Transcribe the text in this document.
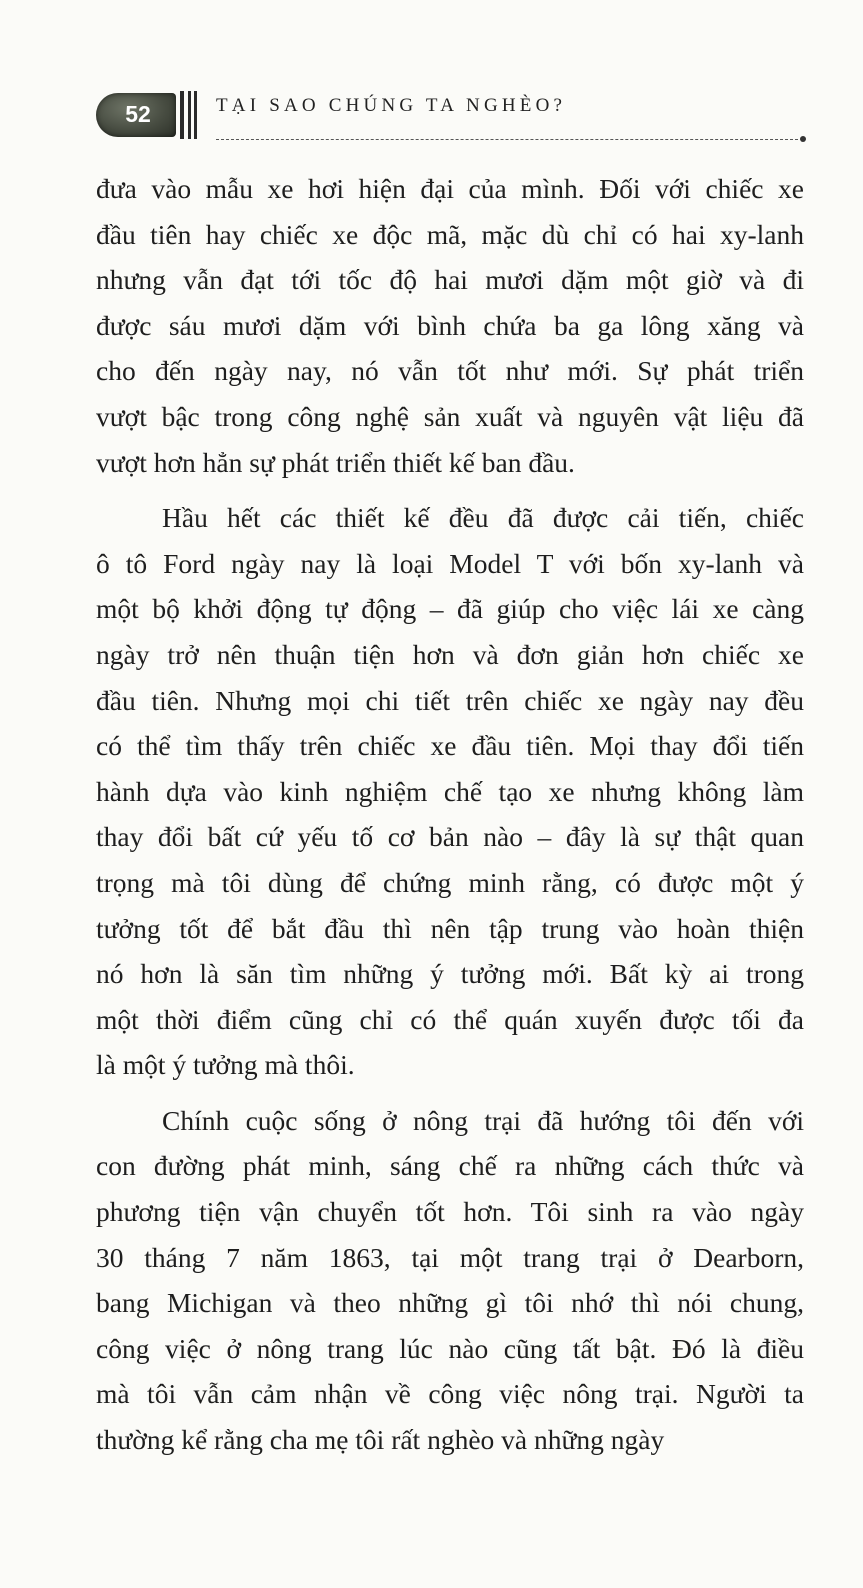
52	TẠI SAO CHÚNG TA NGHÈO?
đưa vào mẫu xe hơi hiện đại của mình. Đối với chiếc xe
đầu tiên hay chiếc xe độc mã, mặc dù chỉ có hai xy-lanh
nhưng vẫn đạt tới tốc độ hai mươi dặm một giờ và đi
được sáu mươi dặm với bình chứa ba ga lông xăng và
cho đến ngày nay, nó vẫn tốt như mới. Sự phát triển
vượt bậc trong công nghệ sản xuất và nguyên vật liệu đã
vượt hơn hẳn sự phát triển thiết kế ban đầu.
Hầu hết các thiết kế đều đã được cải tiến, chiếc
ô tô Ford ngày nay là loại Model T với bốn xy-lanh và
một bộ khởi động tự động – đã giúp cho việc lái xe càng
ngày trở nên thuận tiện hơn và đơn giản hơn chiếc xe
đầu tiên. Nhưng mọi chi tiết trên chiếc xe ngày nay đều
có thể tìm thấy trên chiếc xe đầu tiên. Mọi thay đổi tiến
hành dựa vào kinh nghiệm chế tạo xe nhưng không làm
thay đổi bất cứ yếu tố cơ bản nào – đây là sự thật quan
trọng mà tôi dùng để chứng minh rằng, có được một ý
tưởng tốt để bắt đầu thì nên tập trung vào hoàn thiện
nó hơn là săn tìm những ý tưởng mới. Bất kỳ ai trong
một thời điểm cũng chỉ có thể quán xuyến được tối đa
là một ý tưởng mà thôi.
Chính cuộc sống ở nông trại đã hướng tôi đến với
con đường phát minh, sáng chế ra những cách thức và
phương tiện vận chuyển tốt hơn. Tôi sinh ra vào ngày
30 tháng 7 năm 1863, tại một trang trại ở Dearborn,
bang Michigan và theo những gì tôi nhớ thì nói chung,
công việc ở nông trang lúc nào cũng tất bật. Đó là điều
mà tôi vẫn cảm nhận về công việc nông trại. Người ta
thường kể rằng cha mẹ tôi rất nghèo và những ngày
